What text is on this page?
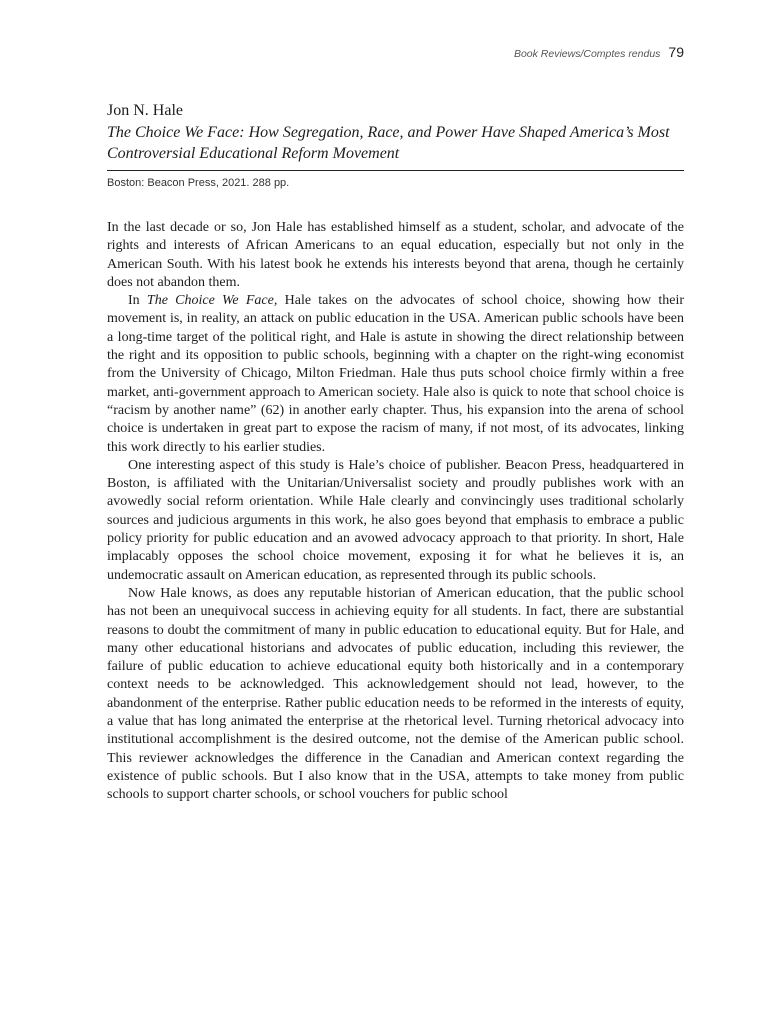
Book Reviews/Comptes rendus 79
Jon N. Hale
The Choice We Face: How Segregation, Race, and Power Have Shaped America’s Most Controversial Educational Reform Movement
Boston: Beacon Press, 2021. 288 pp.

In the last decade or so, Jon Hale has established himself as a student, scholar, and advocate of the rights and interests of African Americans to an equal education, especially but not only in the American South. With his latest book he extends his interests beyond that arena, though he certainly does not abandon them.

In The Choice We Face, Hale takes on the advocates of school choice, showing how their movement is, in reality, an attack on public education in the USA. American public schools have been a long-time target of the political right, and Hale is astute in showing the direct relationship between the right and its opposition to public schools, beginning with a chapter on the right-wing economist from the University of Chicago, Milton Friedman. Hale thus puts school choice firmly within a free market, anti-government approach to American society. Hale also is quick to note that school choice is “racism by another name” (62) in another early chapter. Thus, his expansion into the arena of school choice is undertaken in great part to expose the racism of many, if not most, of its advocates, linking this work directly to his earlier studies.

One interesting aspect of this study is Hale’s choice of publisher. Beacon Press, headquartered in Boston, is affiliated with the Unitarian/Universalist society and proudly publishes work with an avowedly social reform orientation. While Hale clearly and convincingly uses traditional scholarly sources and judicious arguments in this work, he also goes beyond that emphasis to embrace a public policy priority for public education and an avowed advocacy approach to that priority. In short, Hale implacably opposes the school choice movement, exposing it for what he believes it is, an undemocratic assault on American education, as represented through its public schools.

Now Hale knows, as does any reputable historian of American education, that the public school has not been an unequivocal success in achieving equity for all students. In fact, there are substantial reasons to doubt the commitment of many in public education to educational equity. But for Hale, and many other educational historians and advocates of public education, including this reviewer, the failure of public education to achieve educational equity both historically and in a contemporary context needs to be acknowledged. This acknowledgement should not lead, however, to the abandonment of the enterprise. Rather public education needs to be reformed in the interests of equity, a value that has long animated the enterprise at the rhetorical level. Turning rhetorical advocacy into institutional accomplishment is the desired outcome, not the demise of the American public school. This reviewer acknowledges the difference in the Canadian and American context regarding the existence of public schools. But I also know that in the USA, attempts to take money from public schools to support charter schools, or school vouchers for public school
